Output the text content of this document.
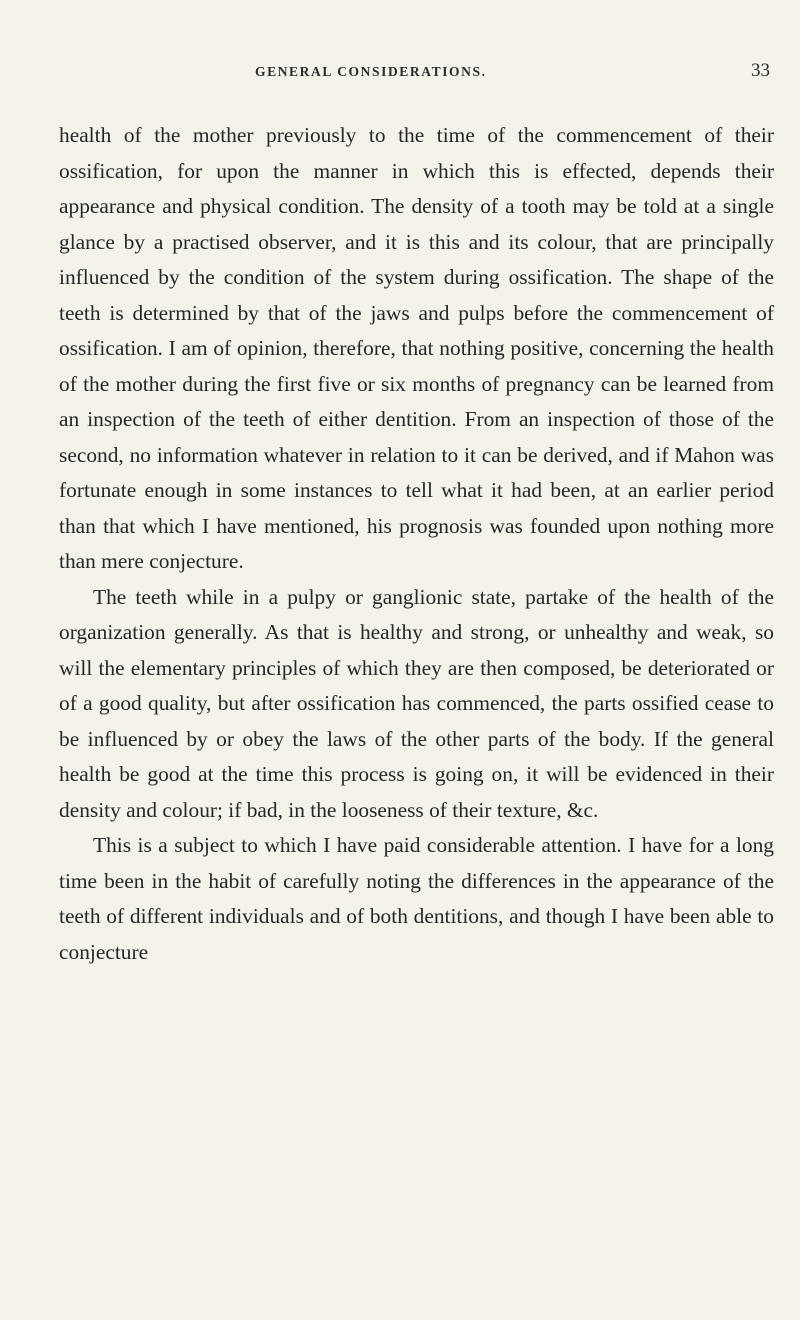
GENERAL CONSIDERATIONS.	33

health of the mother previously to the time of the commencement of their ossification, for upon the manner in which this is effected, depends their appearance and physical condition. The density of a tooth may be told at a single glance by a practised observer, and it is this and its colour, that are principally influenced by the condition of the system during ossification. The shape of the teeth is determined by that of the jaws and pulps before the commencement of ossification. I am of opinion, therefore, that nothing positive, concerning the health of the mother during the first five or six months of pregnancy can be learned from an inspection of the teeth of either dentition. From an inspection of those of the second, no information whatever in relation to it can be derived, and if Mahon was fortunate enough in some instances to tell what it had been, at an earlier period than that which I have mentioned, his prognosis was founded upon nothing more than mere conjecture.

The teeth while in a pulpy or ganglionic state, partake of the health of the organization generally. As that is healthy and strong, or unhealthy and weak, so will the elementary principles of which they are then composed, be deteriorated or of a good quality, but after ossification has commenced, the parts ossified cease to be influenced by or obey the laws of the other parts of the body. If the general health be good at the time this process is going on, it will be evidenced in their density and colour; if bad, in the looseness of their texture, &c.

This is a subject to which I have paid considerable attention. I have for a long time been in the habit of carefully noting the differences in the appearance of the teeth of different individuals and of both dentitions, and though I have been able to conjecture
